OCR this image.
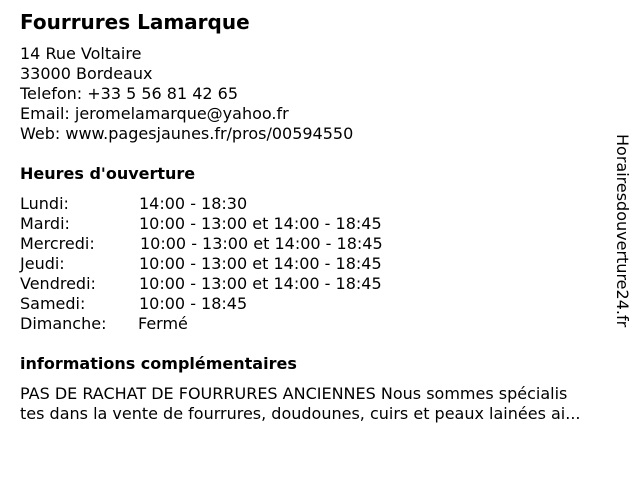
Fourrures Lamarque
14 Rue Voltaire
33000 Bordeaux
Telefon: +33 5 56 81 42 65
Email: jeromelamarque@yahoo.fr
Web: www.pagesjaunes.fr/pros/00594550
Heures d'ouverture
Lundi:	14:00 - 18:30
Mardi:	10:00 - 13:00 et 14:00 - 18:45
Mercredi:	10:00 - 13:00 et 14:00 - 18:45
Jeudi:	10:00 - 13:00 et 14:00 - 18:45
Vendredi:	10:00 - 13:00 et 14:00 - 18:45
Samedi:	10:00 - 18:45
Dimanche: Fermé
informations complémentaires
PAS DE RACHAT DE FOURRURES ANCIENNES Nous sommes spécialis
tes dans la vente de fourrures, doudounes, cuirs et peaux lainées ai...
Horairesdouverture24.fr
